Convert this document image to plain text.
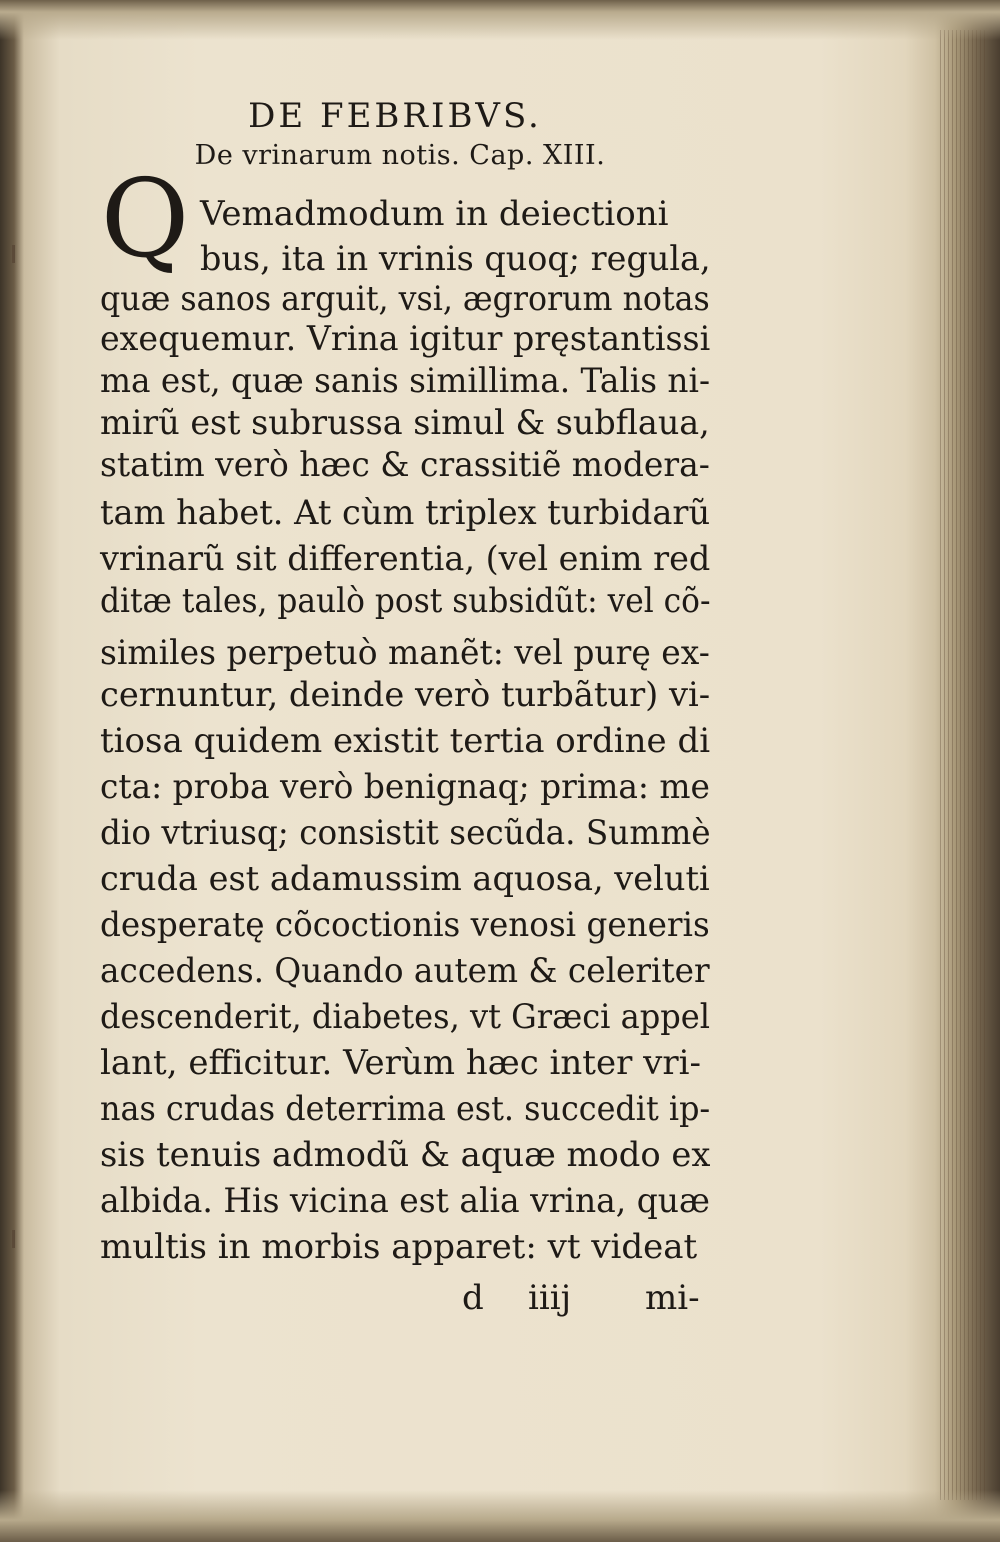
DE FEBRIBVS.
De vrinarum notis. Cap. XIII.
Q Vemadmodum in deiectioni
bus, ita in vrinis quoq; regula,
quæ sanos arguit, vsi, ægrorum notas
exequemur. Vrina igitur pręstantissi
ma est, quæ sanis simillima. Talis ni-
mirũ est subrussa simul & subflaua,
statim verò hæc & crassitiẽ modera-
tam habet. At cùm triplex turbidarũ
vrinarũ sit differentia, (vel enim red
ditæ tales, paulò post subsidũt: vel cõ-
similes perpetuò manẽt: vel purę ex-
cernuntur, deinde verò turbãtur) vi-
tiosa quidem existit tertia ordine di
cta: proba verò benignaq; prima: me
dio vtriusq; consistit secũda. Summè
cruda est adamussim aquosa, veluti
desperatę cõcoctionis venosi generis
accedens. Quando autem & celeriter
descenderit, diabetes, vt Græci appel
lant, efficitur. Verùm hæc inter vri-
nas crudas deterrima est. succedit ip-
sis tenuis admodũ & aquæ modo ex
albida. His vicina est alia vrina, quæ
multis in morbis apparet: vt videat
d iiij mi-
